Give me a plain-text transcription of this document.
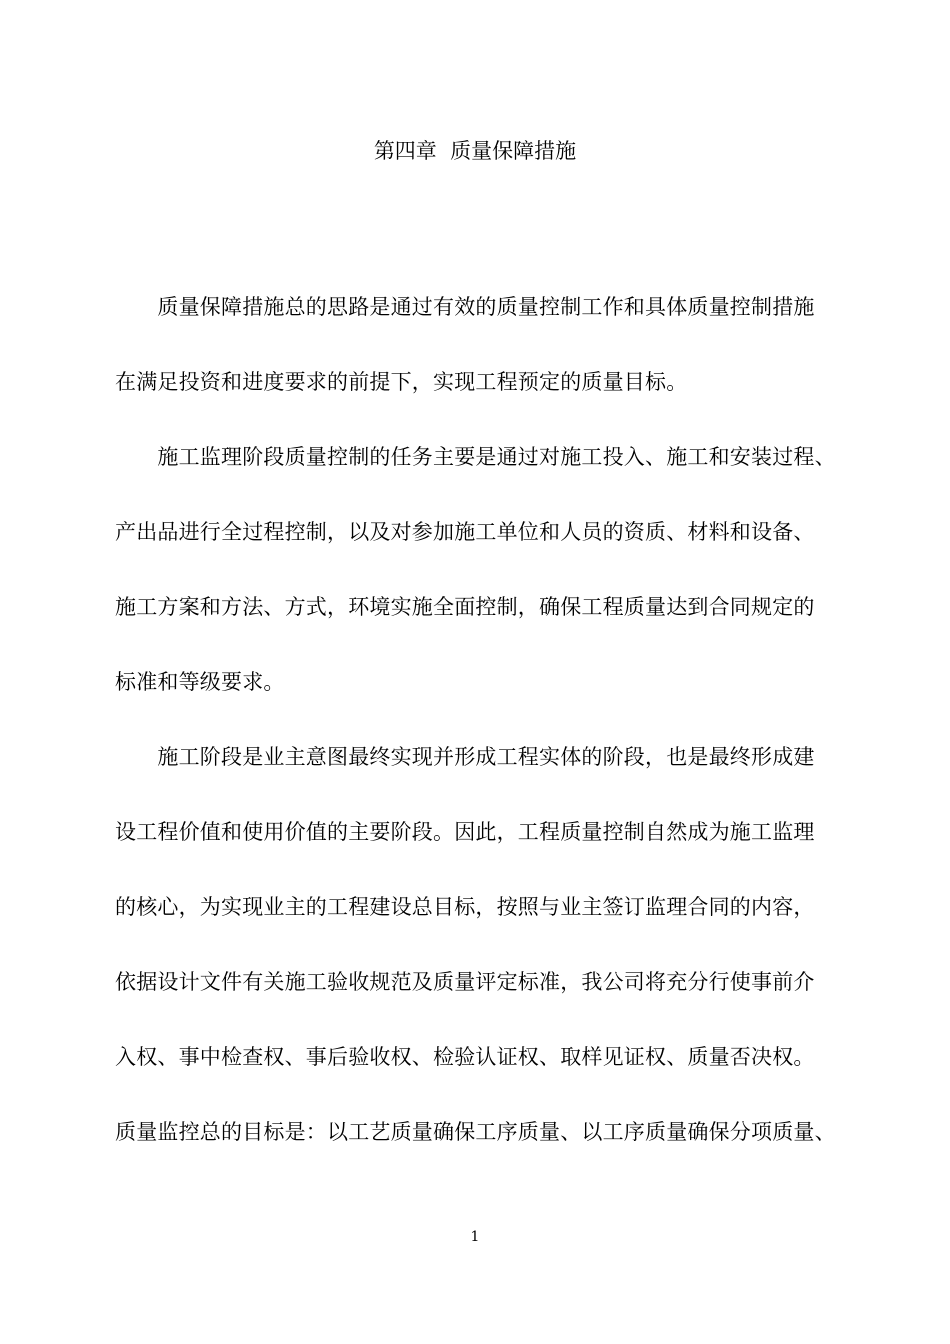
第四章  质量保障措施
　　质量保障措施总的思路是通过有效的质量控制工作和具体质量控制措施
在满足投资和进度要求的前提下，实现工程预定的质量目标。
　　施工监理阶段质量控制的任务主要是通过对施工投入、施工和安装过程、
产出品进行全过程控制，以及对参加施工单位和人员的资质、材料和设备、
施工方案和方法、方式，环境实施全面控制，确保工程质量达到合同规定的
标准和等级要求。
　　施工阶段是业主意图最终实现并形成工程实体的阶段，也是最终形成建
设工程价值和使用价值的主要阶段。因此，工程质量控制自然成为施工监理
的核心，为实现业主的工程建设总目标，按照与业主签订监理合同的内容，
依据设计文件有关施工验收规范及质量评定标准，我公司将充分行使事前介
入权、事中检查权、事后验收权、检验认证权、取样见证权、质量否决权。
质量监控总的目标是：以工艺质量确保工序质量、以工序质量确保分项质量、
1
